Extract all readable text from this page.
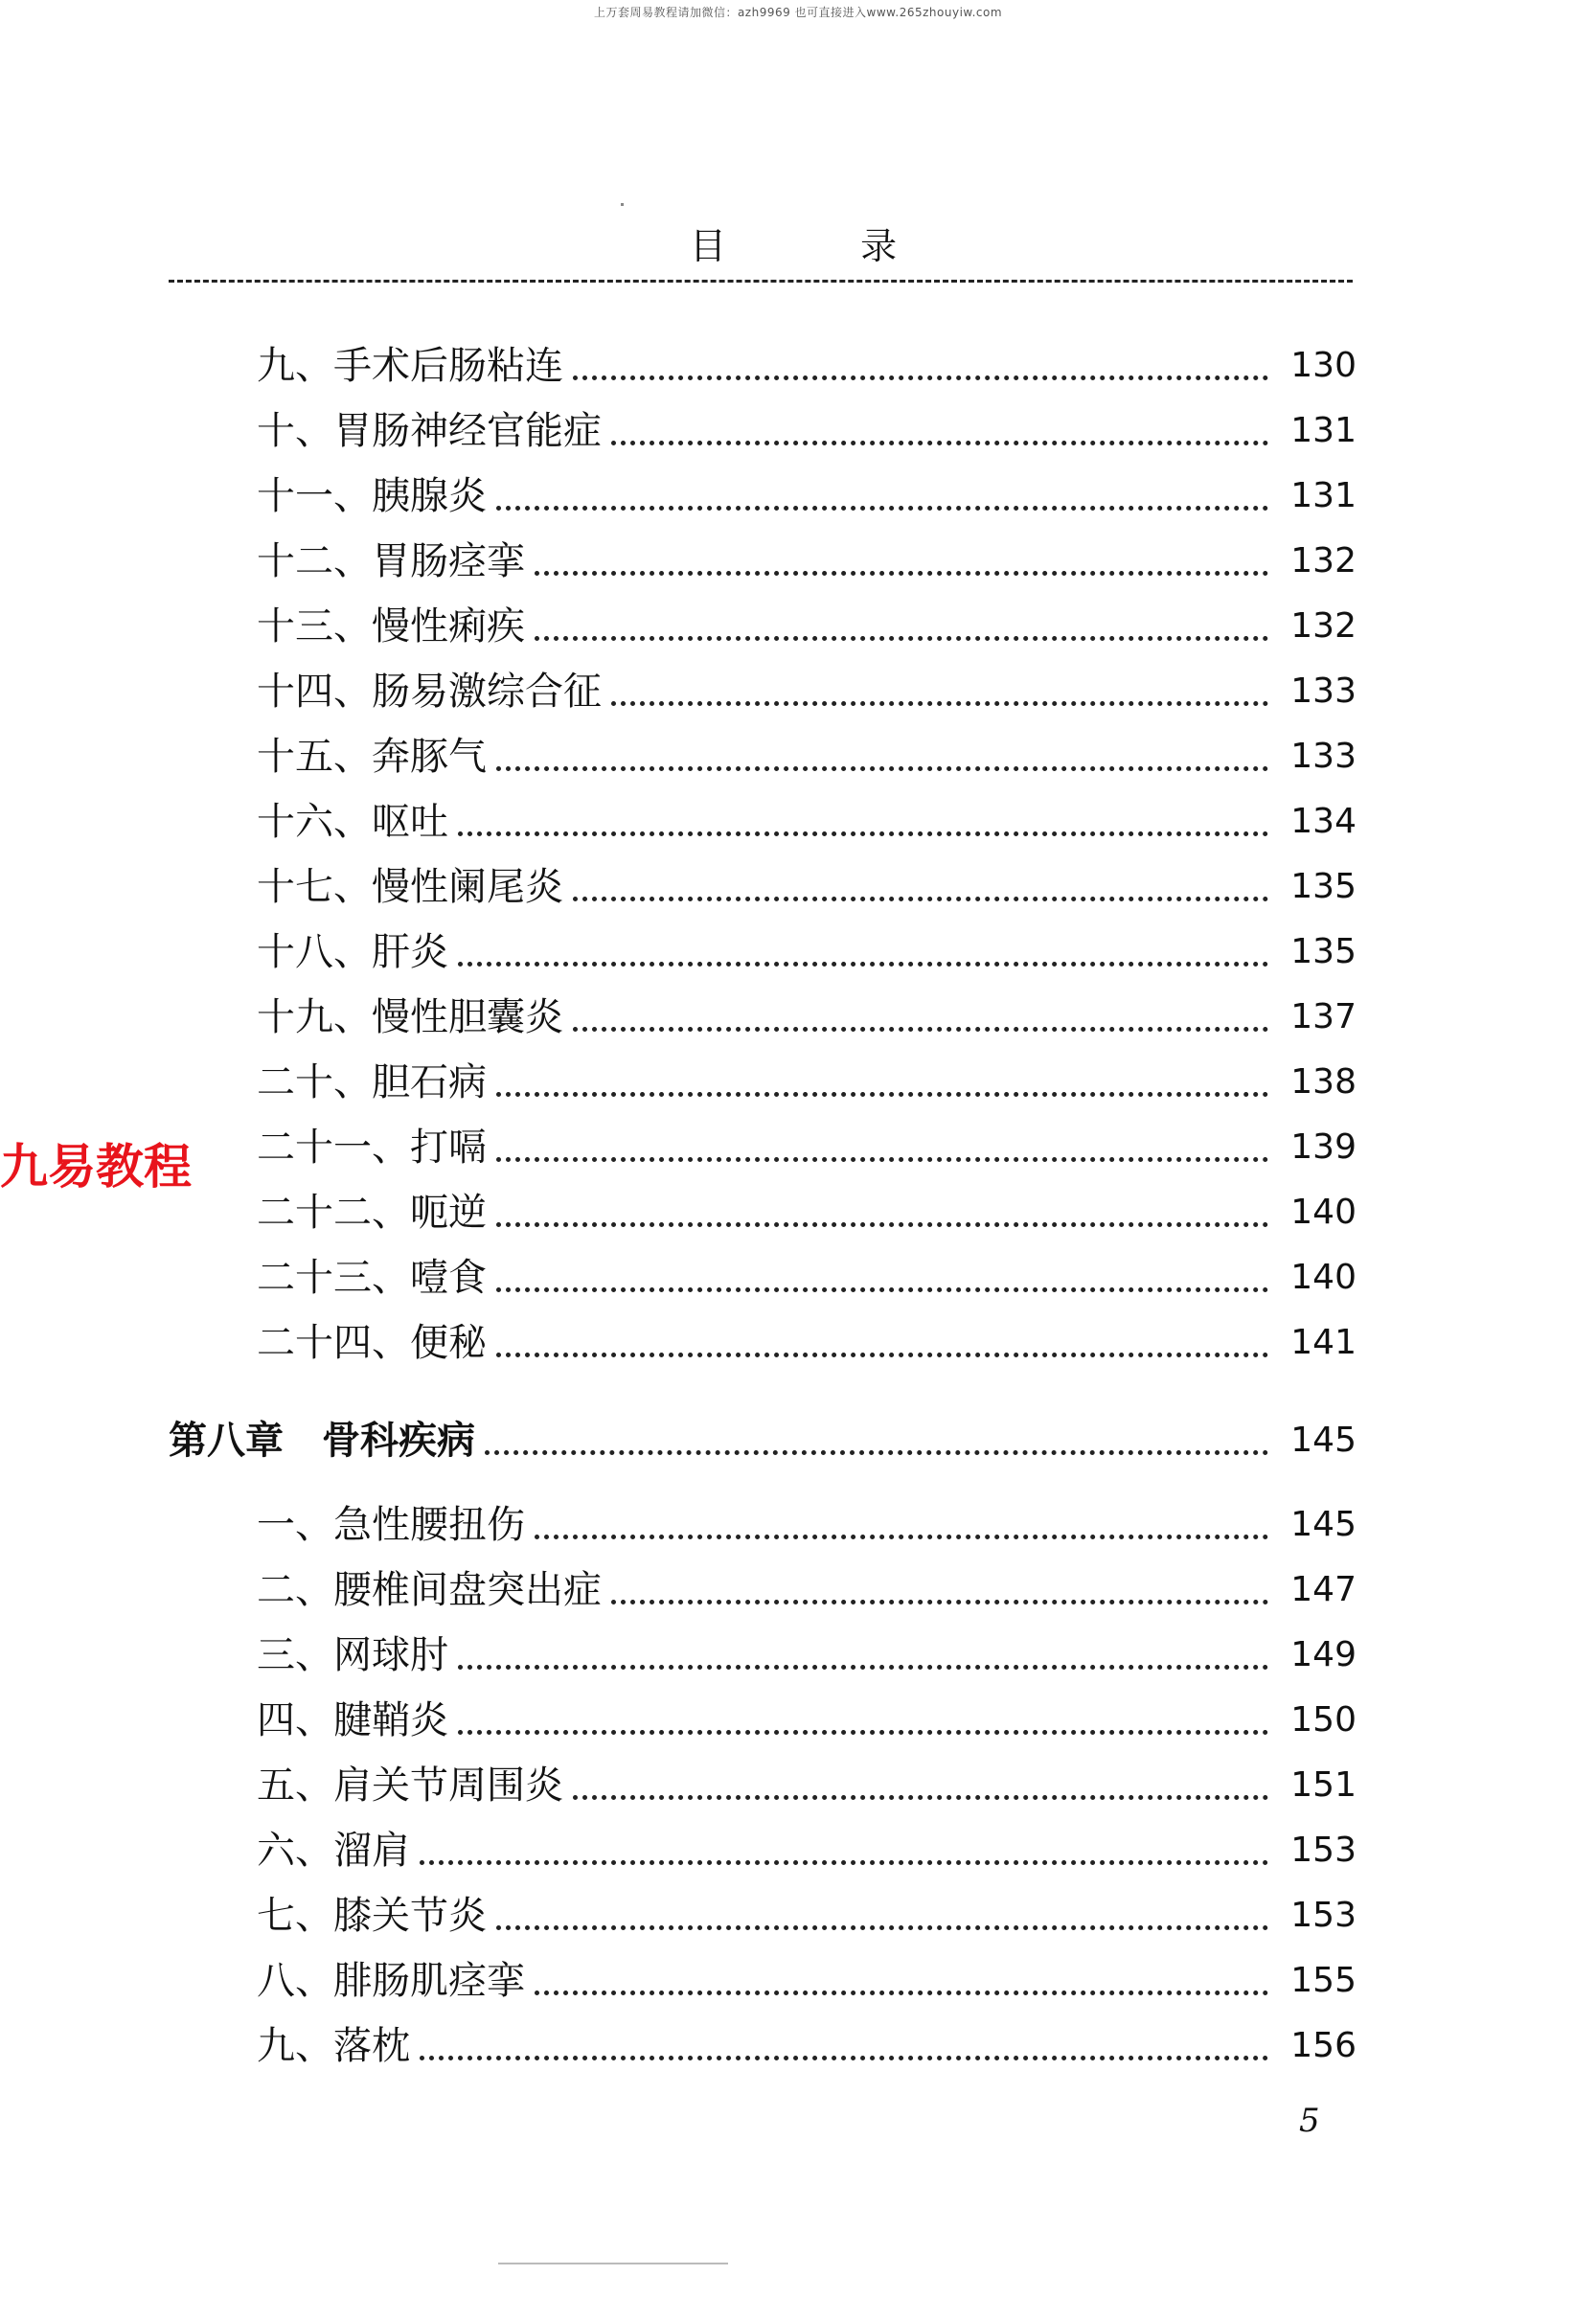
上万套周易教程请加微信：azh9969 也可直接进入www.265zhouyiw.com
目 录
九、手术后肠粘连	130
十、胃肠神经官能症	131
十一、胰腺炎	131
十二、胃肠痉挛	132
十三、慢性痢疾	132
十四、肠易激综合征	133
十五、奔豚气	133
十六、呕吐	134
十七、慢性阑尾炎	135
十八、肝炎	135
十九、慢性胆囊炎	137
二十、胆石病	138
二十一、打嗝	139
二十二、呃逆	140
二十三、噎食	140
二十四、便秘	141
第八章 骨科疾病	145
一、急性腰扭伤	145
二、腰椎间盘突出症	147
三、网球肘	149
四、腱鞘炎	150
五、肩关节周围炎	151
六、溜肩	153
七、膝关节炎	153
八、腓肠肌痉挛	155
九、落枕	156
九易教程
5
